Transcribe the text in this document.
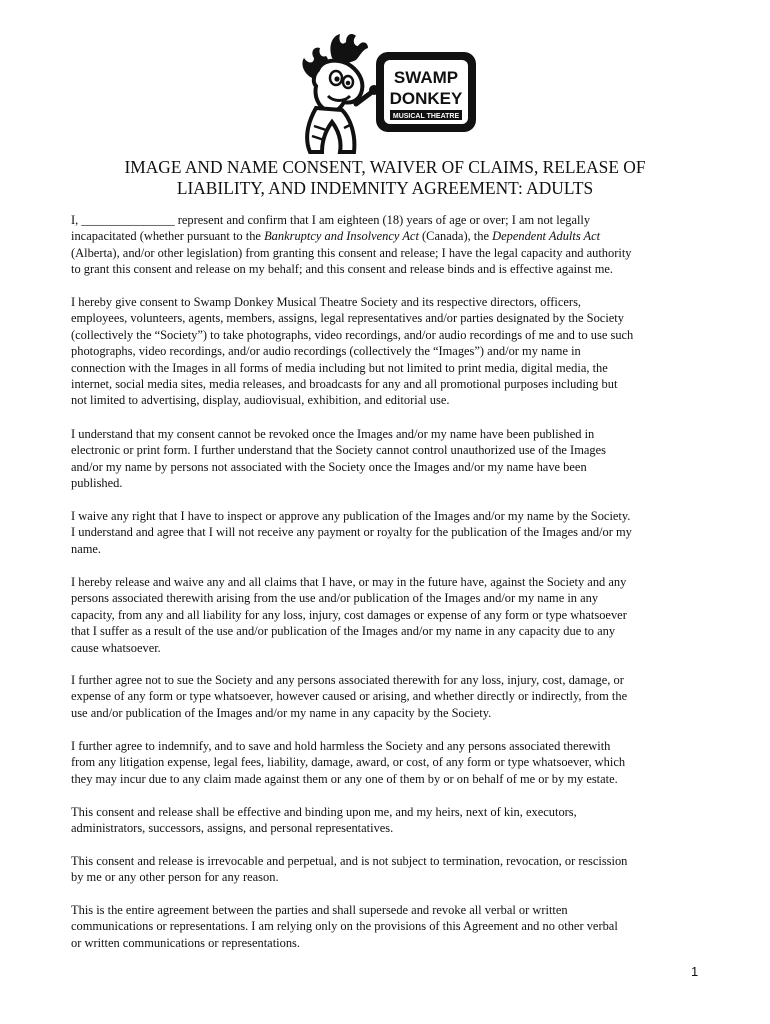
SWAMP
DONKEY
MUSICAL THEATRE
IMAGE AND NAME CONSENT, WAIVER OF CLAIMS, RELEASE OF
LIABILITY, AND INDEMNITY AGREEMENT: ADULTS

I, _______________ represent and confirm that I am eighteen (18) years of age or over; I am not legally
incapacitated (whether pursuant to the Bankruptcy and Insolvency Act (Canada), the Dependent Adults Act
(Alberta), and/or other legislation) from granting this consent and release; I have the legal capacity and authority
to grant this consent and release on my behalf; and this consent and release binds and is effective against me.

I hereby give consent to Swamp Donkey Musical Theatre Society and its respective directors, officers,
employees, volunteers, agents, members, assigns, legal representatives and/or parties designated by the Society
(collectively the “Society”) to take photographs, video recordings, and/or audio recordings of me and to use such
photographs, video recordings, and/or audio recordings (collectively the “Images”) and/or my name in
connection with the Images in all forms of media including but not limited to print media, digital media, the
internet, social media sites, media releases, and broadcasts for any and all promotional purposes including but
not limited to advertising, display, audiovisual, exhibition, and editorial use.

I understand that my consent cannot be revoked once the Images and/or my name have been published in
electronic or print form. I further understand that the Society cannot control unauthorized use of the Images
and/or my name by persons not associated with the Society once the Images and/or my name have been
published.

I waive any right that I have to inspect or approve any publication of the Images and/or my name by the Society.
I understand and agree that I will not receive any payment or royalty for the publication of the Images and/or my
name.

I hereby release and waive any and all claims that I have, or may in the future have, against the Society and any
persons associated therewith arising from the use and/or publication of the Images and/or my name in any
capacity, from any and all liability for any loss, injury, cost damages or expense of any form or type whatsoever
that I suffer as a result of the use and/or publication of the Images and/or my name in any capacity due to any
cause whatsoever.

I further agree not to sue the Society and any persons associated therewith for any loss, injury, cost, damage, or
expense of any form or type whatsoever, however caused or arising, and whether directly or indirectly, from the
use and/or publication of the Images and/or my name in any capacity by the Society.

I further agree to indemnify, and to save and hold harmless the Society and any persons associated therewith
from any litigation expense, legal fees, liability, damage, award, or cost, of any form or type whatsoever, which
they may incur due to any claim made against them or any one of them by or on behalf of me or by my estate.

This consent and release shall be effective and binding upon me, and my heirs, next of kin, executors,
administrators, successors, assigns, and personal representatives.

This consent and release is irrevocable and perpetual, and is not subject to termination, revocation, or rescission
by me or any other person for any reason.

This is the entire agreement between the parties and shall supersede and revoke all verbal or written
communications or representations. I am relying only on the provisions of this Agreement and no other verbal
or written communications or representations.

1
